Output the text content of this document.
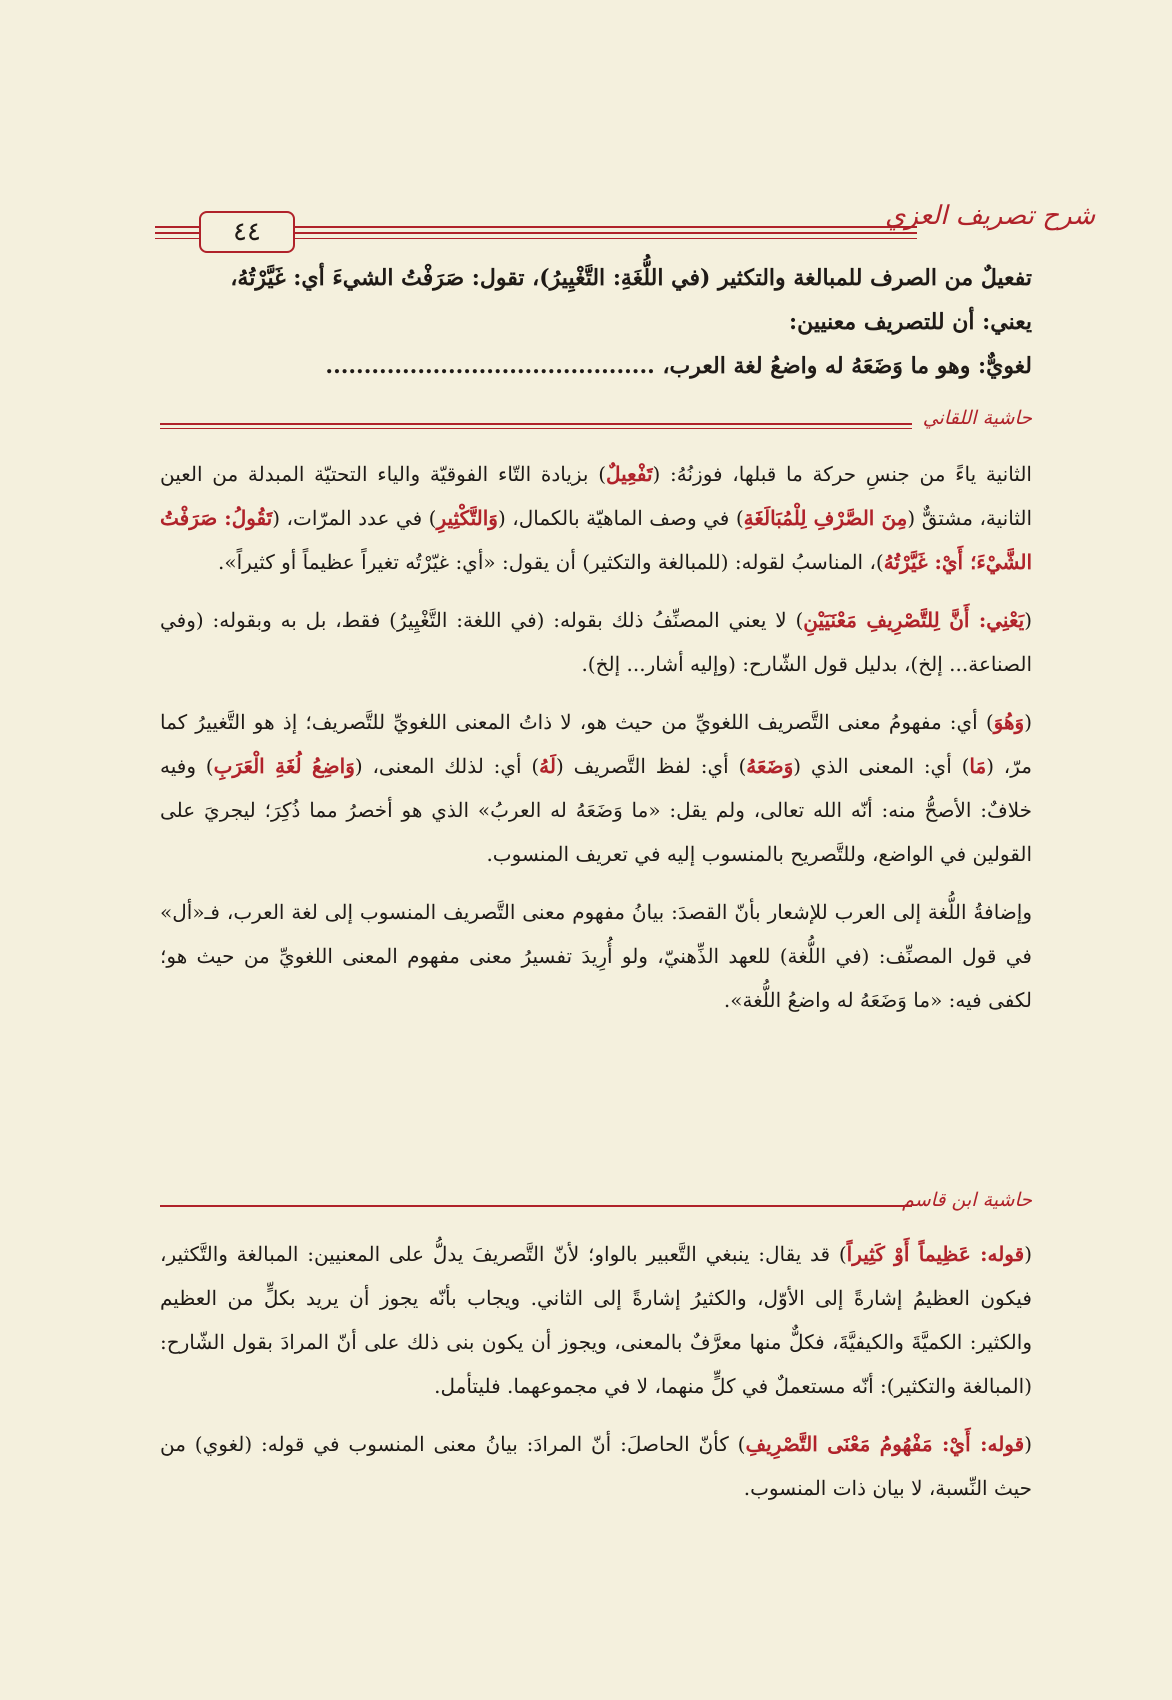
٤٤
شرح تصريف العزي

تفعيلٌ من الصرف للمبالغة والتكثير (في اللُّغَةِ: التَّغْيِيرُ)، تقول: صَرَفْتُ الشيءَ أي: غَيَّرْتُهُ،

يعني: أن للتصريف معنيين:

لغويٌّ: وهو ما وَضَعَهُ له واضعُ لغة العرب، ...........................................

حاشية اللقاني

الثانية ياءً من جنسِ حركة ما قبلها، فوزنُهُ: (تَفْعِيلٌ) بزيادة التّاء الفوقيّة والياء التحتيّة المبدلة من العين الثانية، مشتقٌّ (مِنَ الصَّرْفِ لِلْمُبَالَغَةِ) في وصف الماهيّة بالكمال، (وَالتَّكْثِيرِ) في عدد المرّات، (تَقُولُ: صَرَفْتُ الشَّيْءَ؛ أَيْ: غَيَّرْتُهُ)، المناسبُ لقوله: (للمبالغة والتكثير) أن يقول: «أي: غيّرْتُه تغيراً عظيماً أو كثيراً».

(يَعْنِي: أَنَّ لِلتَّصْرِيفِ مَعْنَيَيْنِ) لا يعني المصنِّفُ ذلك بقوله: (في اللغة: التَّغْيِيرُ) فقط، بل به وبقوله: (وفي الصناعة... إلخ)، بدليل قول الشّارح: (وإليه أشار... إلخ).

(وَهُوَ) أي: مفهومُ معنى التَّصريف اللغويِّ من حيث هو، لا ذاتُ المعنى اللغويِّ للتَّصريف؛ إذ هو التَّغييرُ كما مرّ، (مَا) أي: المعنى الذي (وَضَعَهُ) أي: لفظ التَّصريف (لَهُ) أي: لذلك المعنى، (وَاضِعُ لُغَةِ الْعَرَبِ) وفيه خلافٌ: الأصحُّ منه: أنّه الله تعالى، ولم يقل: «ما وَضَعَهُ له العربُ» الذي هو أخصرُ مما ذُكِرَ؛ ليجريَ على القولين في الواضع، وللتَّصريح بالمنسوب إليه في تعريف المنسوب.

وإضافةُ اللُّغة إلى العرب للإشعار بأنّ القصدَ: بيانُ مفهوم معنى التَّصريف المنسوب إلى لغة العرب، فـ«أل» في قول المصنِّف: (في اللُّغة) للعهد الذِّهنيّ، ولو أُرِيدَ تفسيرُ معنى مفهوم المعنى اللغويِّ من حيث هو؛ لكفى فيه: «ما وَضَعَهُ له واضعُ اللُّغة».

حاشية ابن قاسم

(قوله: عَظِيماً أَوْ كَثِيراً) قد يقال: ينبغي التَّعبير بالواو؛ لأنّ التَّصريفَ يدلُّ على المعنيين: المبالغة والتَّكثير، فيكون العظيمُ إشارةً إلى الأوّل، والكثيرُ إشارةً إلى الثاني. ويجاب بأنّه يجوز أن يريد بكلٍّ من العظيم والكثير: الكميَّةَ والكيفيَّةَ، فكلٌّ منها معرَّفٌ بالمعنى، ويجوز أن يكون بنى ذلك على أنّ المرادَ بقول الشّارح: (المبالغة والتكثير): أنّه مستعملٌ في كلٍّ منهما، لا في مجموعهما. فليتأمل.

(قوله: أَيْ: مَفْهُومُ مَعْنَى التَّصْرِيفِ) كأنّ الحاصلَ: أنّ المرادَ: بيانُ معنى المنسوب في قوله: (لغوي) من حيث النِّسبة، لا بيان ذات المنسوب.
